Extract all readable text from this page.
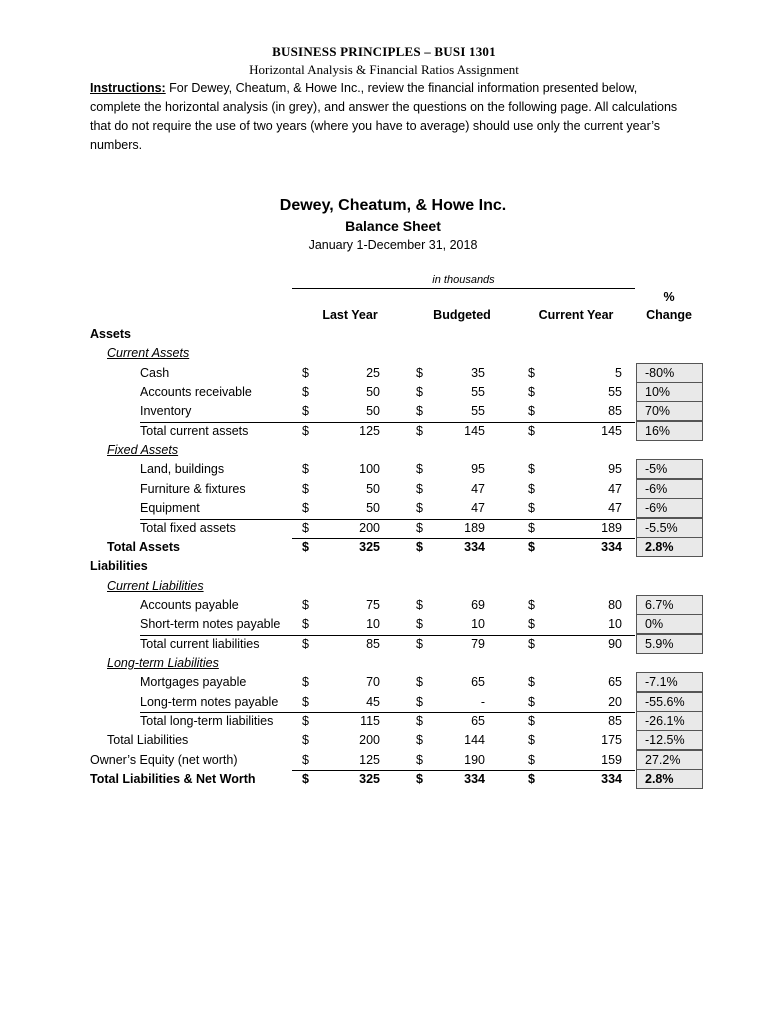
BUSINESS PRINCIPLES – BUSI 1301
Horizontal Analysis & Financial Ratios Assignment
Instructions: For Dewey, Cheatum, & Howe Inc., review the financial information presented below, complete the horizontal analysis (in grey), and answer the questions on the following page. All calculations that do not require the use of two years (where you have to average) should use only the current year’s numbers.
Dewey, Cheatum, & Howe Inc.
Balance Sheet
January 1-December 31, 2018
in thousands
Last Year	Budgeted	Current Year
%
Change
Assets
Current Assets
Cash	$	25	$	35	$	5	-80%
Accounts receivable	$	50	$	55	$	55	10%
Inventory	$	50	$	55	$	85	70%
Total current assets	$	125	$	145	$	145	16%
Fixed Assets
Land, buildings	$	100	$	95	$	95	-5%
Furniture & fixtures	$	50	$	47	$	47	-6%
Equipment	$	50	$	47	$	47	-6%
Total fixed assets	$	200	$	189	$	189	-5.5%
Total Assets	$	325	$	334	$	334	2.8%
Liabilities
Current Liabilities
Accounts payable	$	75	$	69	$	80	6.7%
Short-term notes payable $	10	$	10	$	10	0%
Total current liabilities	$	85	$	79	$	90	5.9%
Long-term Liabilities
Mortgages payable	$	70	$	65	$	65	-7.1%
Long-term notes payable $	45	$	-	$	20	-55.6%
Total long-term liabilities $	115	$	65	$	85	-26.1%
Total Liabilities	$	200	$	144	$	175	-12.5%
Owner’s Equity (net worth)	$	125	$	190	$	159	27.2%
Total Liabilities & Net Worth	$	325	$	334	$	334	2.8%
